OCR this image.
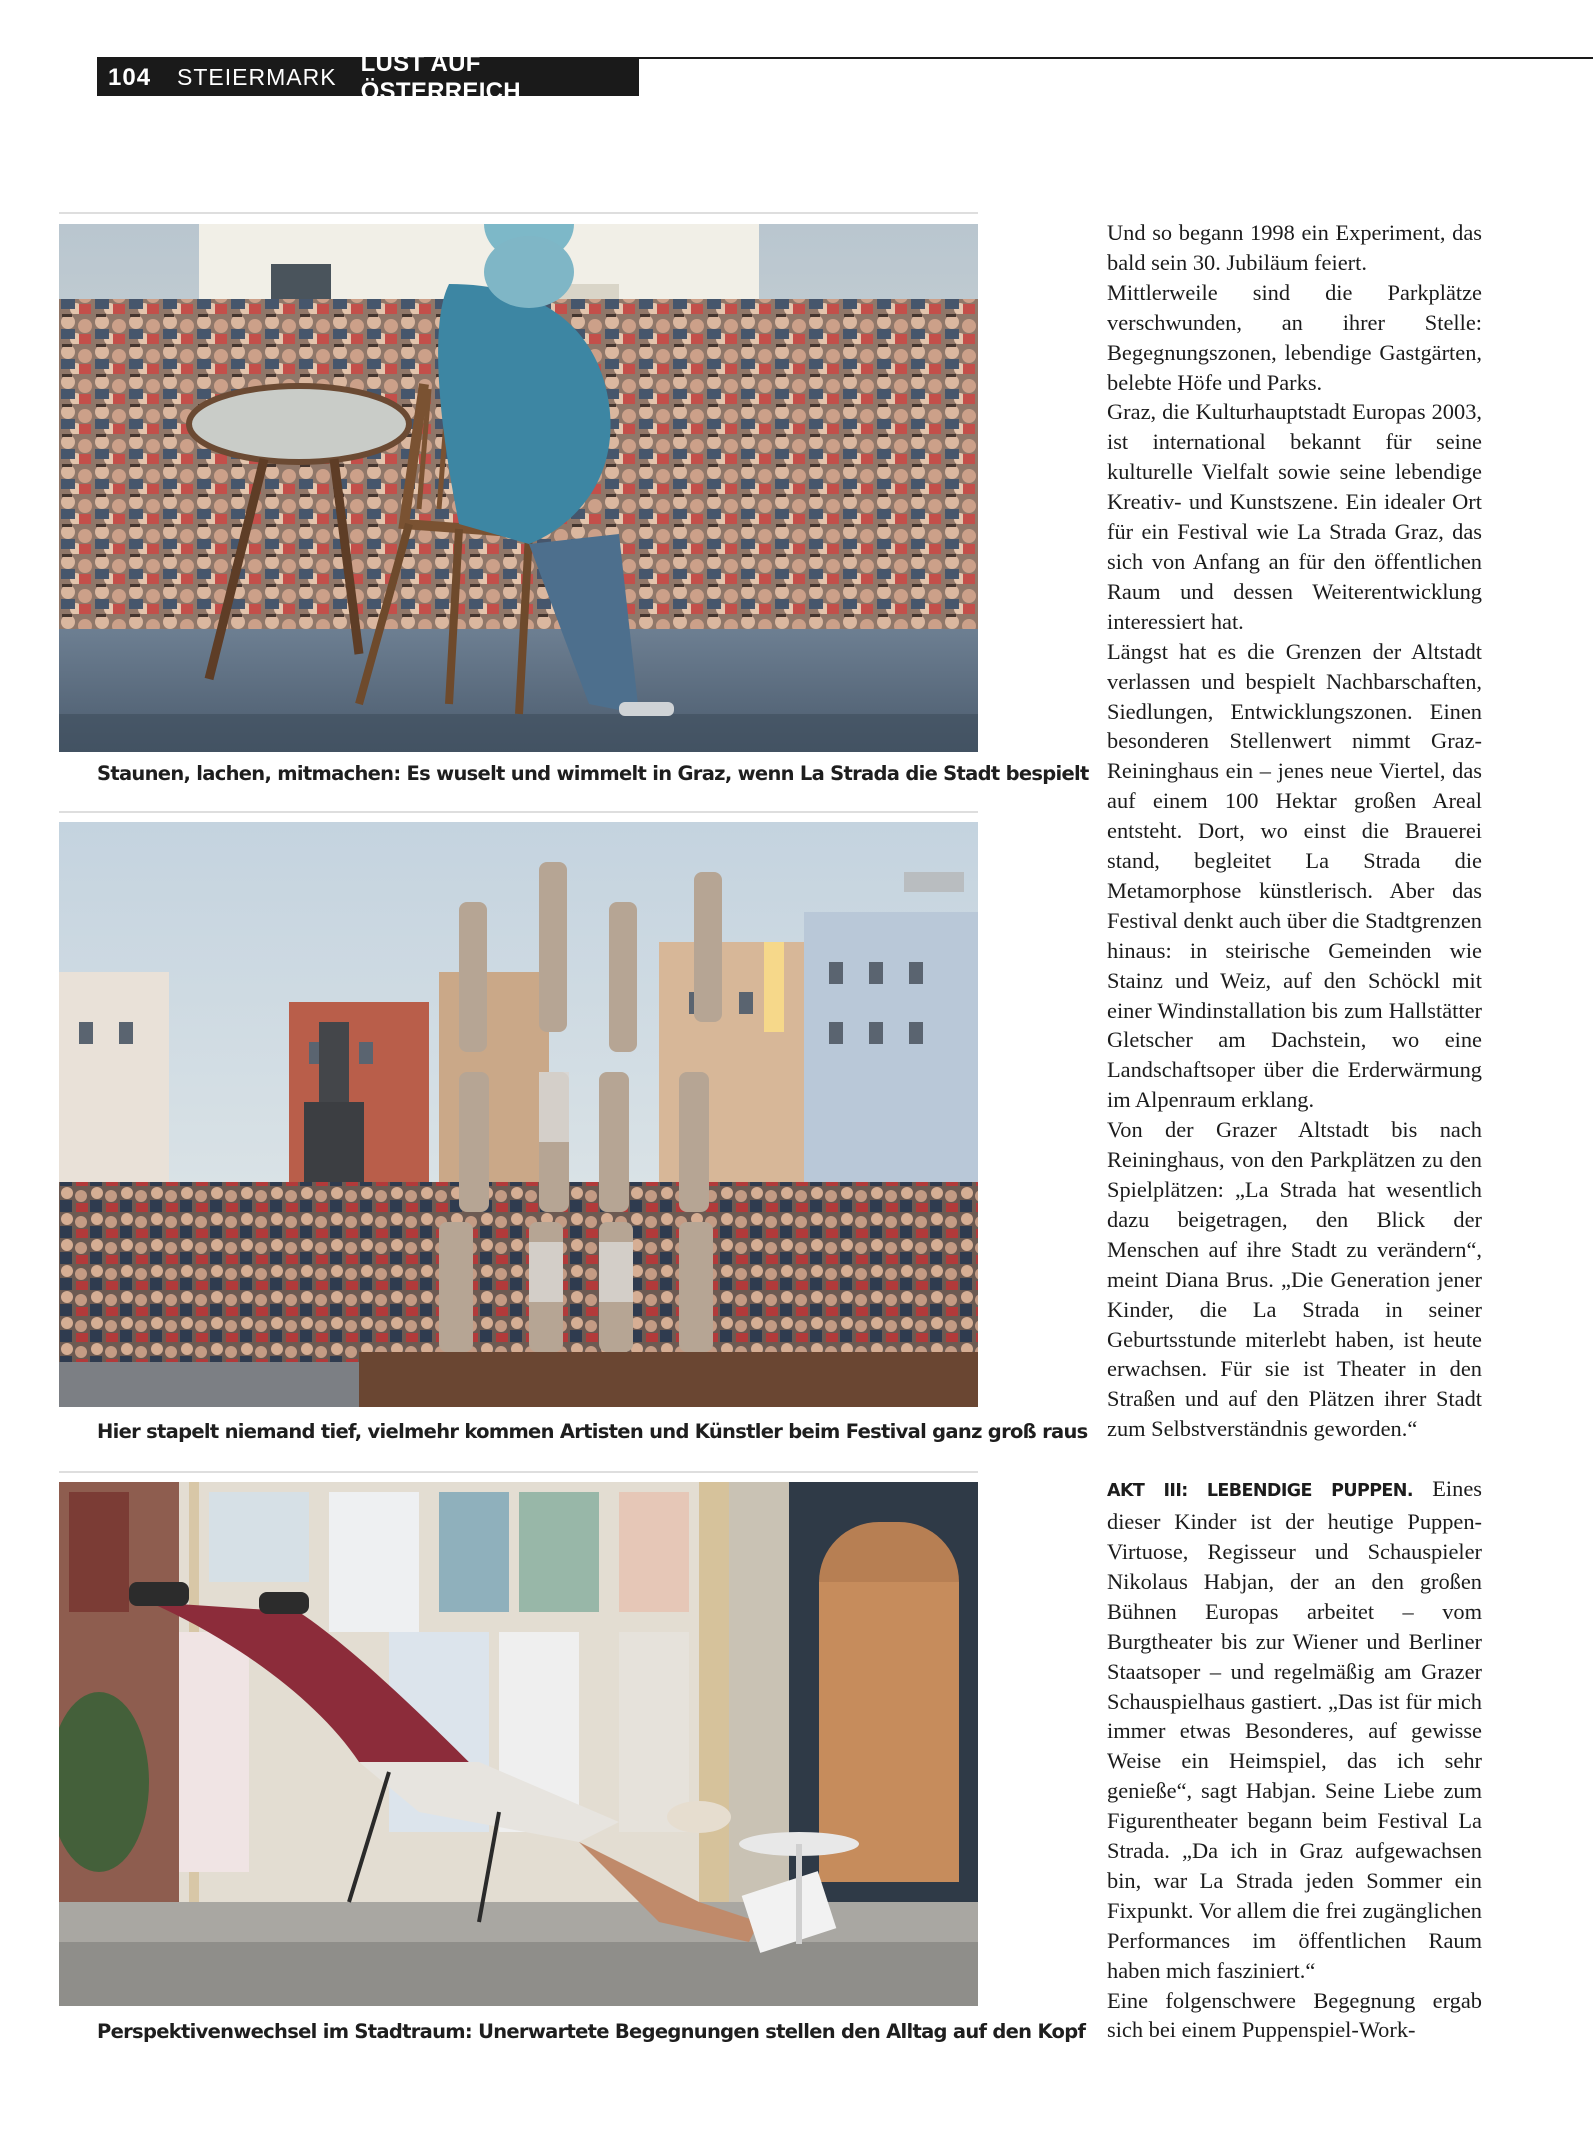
104 STEIERMARK
LUST AUF ÖSTERREICH
Staunen, lachen, mitmachen: Es wuselt und wimmelt in Graz, wenn La Strada die Stadt bespielt
Hier stapelt niemand tief, vielmehr kommen Artisten und Künstler beim Festival ganz groß raus
Perspektivenwechsel im Stadtraum: Unerwartete Begegnungen stellen den Alltag auf den Kopf

Und so begann 1998 ein Experiment, das bald sein 30. Jubiläum feiert.

Mittlerweile sind die Parkplätze verschwunden, an ihrer Stelle: Begegnungszonen, lebendige Gastgärten, belebte Höfe und Parks.

Graz, die Kulturhauptstadt Europas 2003, ist international bekannt für seine kulturelle Vielfalt sowie seine lebendige Kreativ- und Kunstszene. Ein idealer Ort für ein Festival wie La Strada Graz, das sich von Anfang an für den öffentlichen Raum und dessen Weiterentwicklung interessiert hat.

Längst hat es die Grenzen der Altstadt verlassen und bespielt Nachbarschaften, Siedlungen, Entwicklungszonen. Einen besonderen Stellenwert nimmt Graz-Reininghaus ein – jenes neue Viertel, das auf einem 100 Hektar großen Areal entsteht. Dort, wo einst die Brauerei stand, begleitet La Strada die Metamorphose künstlerisch. Aber das Festival denkt auch über die Stadtgrenzen hinaus: in steirische Gemeinden wie Stainz und Weiz, auf den Schöckl mit einer Windinstallation bis zum Hallstätter Gletscher am Dachstein, wo eine Landschaftsoper über die Erderwärmung im Alpenraum erklang.

Von der Grazer Altstadt bis nach Reininghaus, von den Parkplätzen zu den Spielplätzen: „La Strada hat wesentlich dazu beigetragen, den Blick der Menschen auf ihre Stadt zu verändern“, meint Diana Brus. „Die Generation jener Kinder, die La Strada in seiner Geburtsstunde miterlebt haben, ist heute erwachsen. Für sie ist Theater in den Straßen und auf den Plätzen ihrer Stadt zum Selbstverständnis geworden.“

AKT III: LEBENDIGE PUPPEN. Eines dieser Kinder ist der heutige Puppen-Virtuose, Regisseur und Schauspieler Nikolaus Habjan, der an den großen Bühnen Europas arbeitet – vom Burgtheater bis zur Wiener und Berliner Staatsoper – und regelmäßig am Grazer Schauspielhaus gastiert. „Das ist für mich immer etwas Besonderes, auf gewisse Weise ein Heimspiel, das ich sehr genieße“, sagt Habjan. Seine Liebe zum Figurentheater begann beim Festival La Strada. „Da ich in Graz aufgewachsen bin, war La Strada jeden Sommer ein Fixpunkt. Vor allem die frei zugänglichen Performances im öffentlichen Raum haben mich fasziniert.“

Eine folgenschwere Begegnung ergab sich bei einem Puppenspiel-Work-
